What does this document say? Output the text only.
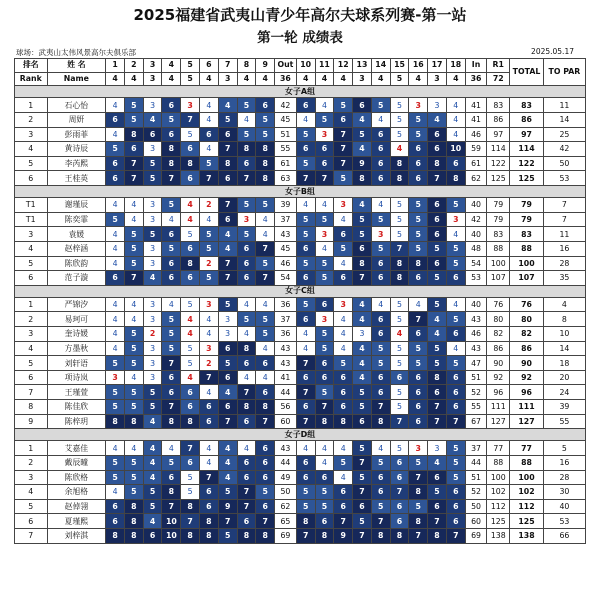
2025福建省武夷山青少年高尔夫球系列赛-第一站
第一轮 成绩表
球场：武夷山太伟风景高尔夫俱乐部	2025.05.17
排名	姓 名	1	2	3	4	5	6	7	8	9	Out	10	11	12	13	14	15	16	17	18	In	R1	TOTAL	TO PAR
Rank	Name	4	4	3	4	5	4	3	4	4	36	4	4	4	3	4	5	4	3	4	36	72		
女子A组																								
1	石心怡	4	5	3	6	3	4	4	5	6	42	6	4	5	6	5	5	3	3	4	41	83	83	11
2	周妍	6	5	4	5	7	4	5	4	5	45	4	5	6	4	4	5	5	4	4	41	86	86	14
3	彭雨菲	4	8	6	6	5	6	6	5	5	51	5	3	7	5	6	5	5	6	4	46	97	97	25
4	黄诗辰	5	6	3	8	6	4	7	8	8	55	6	6	7	4	6	4	6	6	10	59	114	114	42
5	李芮熙	6	7	5	8	8	5	8	6	8	61	5	6	7	9	6	8	6	8	6	61	122	122	50
6	王桂英	6	7	5	7	6	7	6	7	8	63	7	7	5	8	6	8	6	7	8	62	125	125	53
女子B组																								
T1	谢瑾辰	4	4	3	5	4	2	7	5	5	39	4	4	3	4	4	5	5	6	5	40	79	79	7
T1	陈奕霏	5	4	3	4	4	4	6	3	4	37	5	5	4	5	5	5	5	6	3	42	79	79	7
3	袁媛	4	5	5	6	5	5	4	5	4	43	5	3	6	5	3	5	5	6	4	40	83	83	11
4	赵梓涵	4	5	3	5	6	5	4	6	7	45	6	4	5	6	5	7	5	5	5	48	88	88	16
5	陈欣韵	4	5	3	6	8	2	7	6	5	46	5	5	4	8	6	8	8	6	5	54	100	100	28
6	范子漩	6	7	4	6	6	5	7	6	7	54	6	5	6	7	6	8	6	5	6	53	107	107	35
女子C组																								
1	严锦汐	4	4	3	4	5	3	5	4	4	36	5	6	3	4	4	5	4	5	4	40	76	76	4
2	易珂可	4	4	3	5	4	4	3	5	5	37	6	3	4	4	6	5	7	4	5	43	80	80	8
3	奎诗媛	4	5	2	5	4	4	3	4	5	36	4	5	4	3	6	4	6	4	6	46	82	82	10
4	方墨秋	4	5	3	5	5	3	6	8	4	43	4	5	4	4	5	5	5	5	4	43	86	86	14
5	刘轩语	5	5	3	7	5	2	5	6	6	43	7	6	5	4	5	5	5	5	5	47	90	90	18
6	项诗岚	3	4	3	6	4	7	6	4	4	41	6	6	6	4	6	6	6	8	6	51	92	92	20
7	王瑾萱	5	5	5	6	6	4	4	7	6	44	7	5	6	5	6	5	6	6	6	52	96	96	24
8	陈佳欣	5	5	5	7	6	6	6	8	8	56	6	7	6	5	7	5	6	7	6	55	111	111	39
9	陈梓玥	8	8	4	8	8	6	7	6	7	60	7	8	8	6	8	7	6	7	7	67	127	127	55
女子D组																								
1	艾嘉佳	4	4	4	4	7	4	4	4	6	43	4	4	4	5	4	5	3	3	5	37	77	77	5
2	戴辰曈	5	5	4	5	6	4	4	6	6	44	6	4	5	7	5	6	5	4	5	44	88	88	16
3	陈欣格	5	5	4	6	5	7	4	6	6	49	6	6	4	5	6	6	7	6	5	51	100	100	28
4	余旭格	4	5	5	8	5	6	5	7	5	50	5	5	6	7	6	7	8	5	6	52	102	102	30
5	赵倬翎	6	8	5	7	8	6	9	7	6	62	5	5	6	6	5	6	5	6	6	50	112	112	40
6	夏瑾熙	6	8	4	10	7	8	7	6	7	65	8	6	7	5	7	6	8	7	6	60	125	125	53
7	刘梓淇	8	8	6	10	8	8	5	8	8	69	7	8	9	7	8	8	7	8	7	69	138	138	66
